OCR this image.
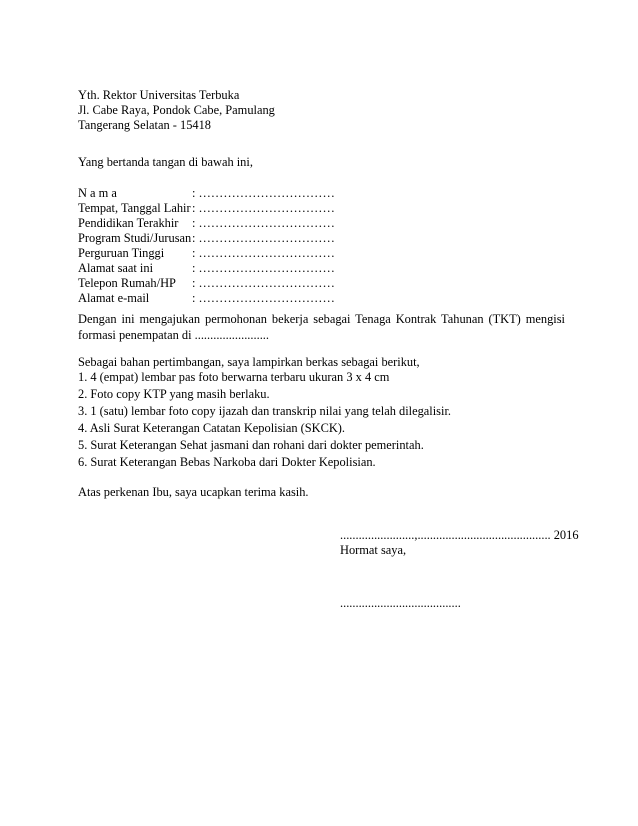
Yth. Rektor Universitas Terbuka
Jl. Cabe Raya, Pondok Cabe, Pamulang
Tangerang Selatan - 15418
Yang bertanda tangan di bawah ini,
N a m a	: ……………………………
Tempat, Tanggal Lahir : ……………………………
Pendidikan Terakhir	: ……………………………
Program Studi/Jurusan : ……………………………
Perguruan Tinggi	: ……………………………
Alamat saat ini	: ……………………………
Telepon Rumah/HP	: ……………………………
Alamat e-mail	: ……………………………
Dengan ini mengajukan permohonan bekerja sebagai Tenaga Kontrak Tahunan (TKT) mengisi
formasi penempatan di ........................
Sebagai bahan pertimbangan, saya lampirkan berkas sebagai berikut,
1. 4 (empat) lembar pas foto berwarna terbaru ukuran 3 x 4 cm
2. Foto copy KTP yang masih berlaku.
3. 1 (satu) lembar foto copy ijazah dan transkrip nilai yang telah dilegalisir.
4. Asli Surat Keterangan Catatan Kepolisian (SKCK).
5. Surat Keterangan Sehat jasmani dan rohani dari dokter pemerintah.
6. Surat Keterangan Bebas Narkoba dari Dokter Kepolisian.
Atas perkenan Ibu, saya ucapkan terima kasih.
........................,........................................... 2016
Hormat saya,
.......................................
